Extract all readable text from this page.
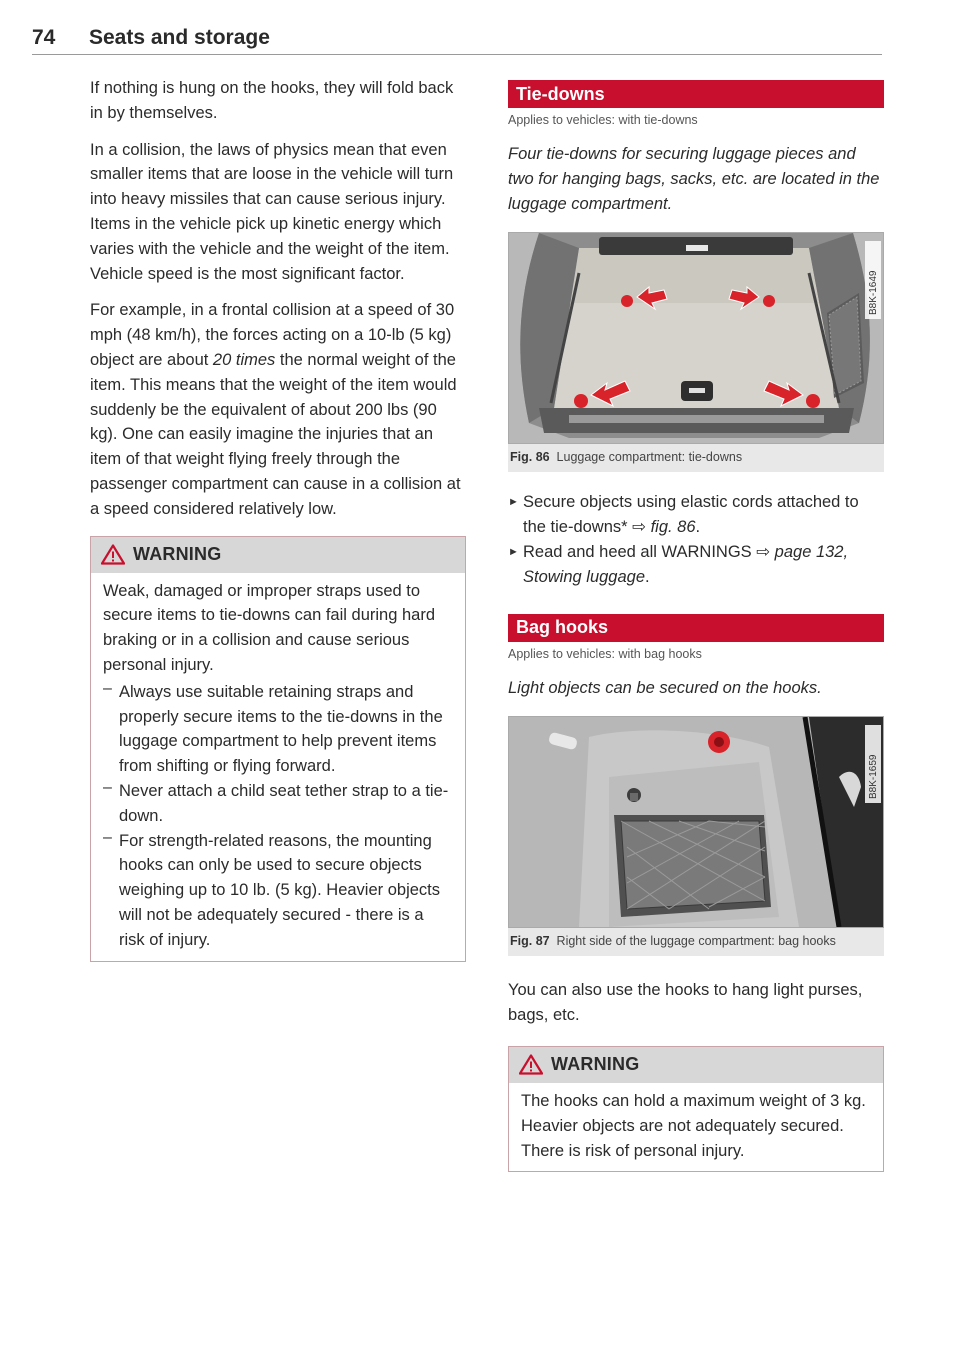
74 Seats and storage

If nothing is hung on the hooks, they will fold back in by themselves.

In a collision, the laws of physics mean that even smaller items that are loose in the vehicle will turn into heavy missiles that can cause serious injury. Items in the vehicle pick up kinetic energy which varies with the vehicle and the weight of the item. Vehicle speed is the most significant factor.

For example, in a frontal collision at a speed of 30 mph (48 km/h), the forces acting on a 10-lb (5 kg) object are about 20 times the normal weight of the item. This means that the weight of the item would suddenly be the equivalent of about 200 lbs (90 kg). One can easily imagine the injuries that an item of that weight flying freely through the passenger compartment can cause in a collision at a speed considered relatively low.

WARNING

Weak, damaged or improper straps used to secure items to tie-downs can fail during hard braking or in a collision and cause serious personal injury.

– Always use suitable retaining straps and properly secure items to the tie-downs in the luggage compartment to help prevent items from shifting or flying forward.

– Never attach a child seat tether strap to a tie-down.

– For strength-related reasons, the mounting hooks can only be used to secure objects weighing up to 10 lb. (5 kg). Heavier objects will not be adequately secured - there is a risk of injury.

Tie-downs
Applies to vehicles: with tie-downs
Four tie-downs for securing luggage pieces and two for hanging bags, sacks, etc. are located in the luggage compartment.
B8K-1649
Fig. 86 Luggage compartment: tie-downs
► Secure objects using elastic cords attached to the tie-downs* ⇨ fig. 86.
► Read and heed all WARNINGS ⇨ page 132, Stowing luggage.
Bag hooks
Applies to vehicles: with bag hooks
Light objects can be secured on the hooks.
B8K-1659
Fig. 87 Right side of the luggage compartment: bag hooks

You can also use the hooks to hang light purses, bags, etc.

WARNING

The hooks can hold a maximum weight of 3 kg. Heavier objects are not adequately secured. There is risk of personal injury.
